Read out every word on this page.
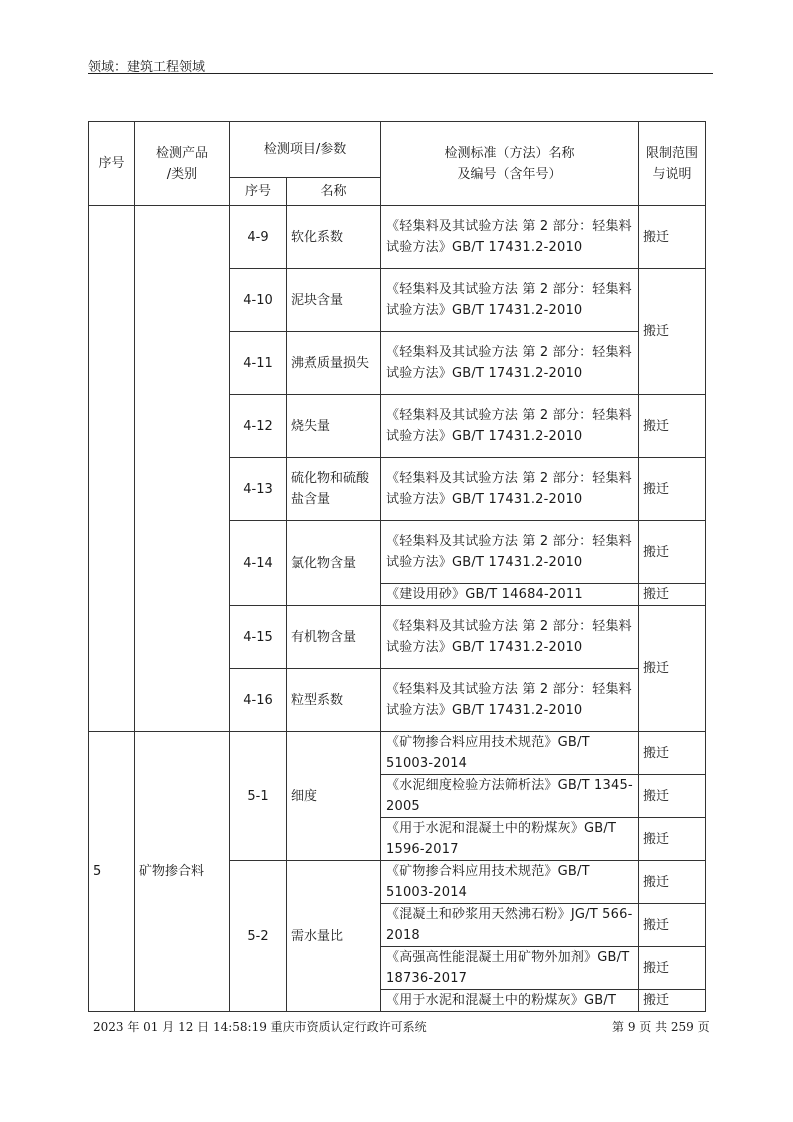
领域：建筑工程领域
序号	检测产品
/类别	检测项目/参数		检测标准（方法）名称
及编号（含年号）	限制范围
与说明
		序号	名称		
		4-9	软化系数	《轻集料及其试验方法 第 2 部分：轻集料试验方法》GB/T 17431.2-2010	搬迁
		4-10	泥块含量	《轻集料及其试验方法 第 2 部分：轻集料试验方法》GB/T 17431.2-2010	搬迁
		4-11	沸煮质量损失	《轻集料及其试验方法 第 2 部分：轻集料试验方法》GB/T 17431.2-2010	
		4-12	烧失量	《轻集料及其试验方法 第 2 部分：轻集料试验方法》GB/T 17431.2-2010	搬迁
		4-13	硫化物和硫酸盐含量	《轻集料及其试验方法 第 2 部分：轻集料试验方法》GB/T 17431.2-2010	搬迁
		4-14	氯化物含量	《轻集料及其试验方法 第 2 部分：轻集料试验方法》GB/T 17431.2-2010	搬迁
				《建设用砂》GB/T 14684-2011	搬迁
		4-15	有机物含量	《轻集料及其试验方法 第 2 部分：轻集料试验方法》GB/T 17431.2-2010	搬迁
		4-16	粒型系数	《轻集料及其试验方法 第 2 部分：轻集料试验方法》GB/T 17431.2-2010	
5	矿物掺合料	5-1	细度	《矿物掺合料应用技术规范》GB/T 51003-2014	搬迁
				《水泥细度检验方法筛析法》GB/T 1345-2005	搬迁
				《用于水泥和混凝土中的粉煤灰》GB/T 1596-2017	搬迁
		5-2	需水量比	《矿物掺合料应用技术规范》GB/T 51003-2014	搬迁
				《混凝土和砂浆用天然沸石粉》JG/T 566-2018	搬迁
				《高强高性能混凝土用矿物外加剂》GB/T 18736-2017	搬迁
				《用于水泥和混凝土中的粉煤灰》GB/T	搬迁
2023 年 01 月 12 日 14:58:19 重庆市资质认定行政许可系统	第 9 页 共 259 页
